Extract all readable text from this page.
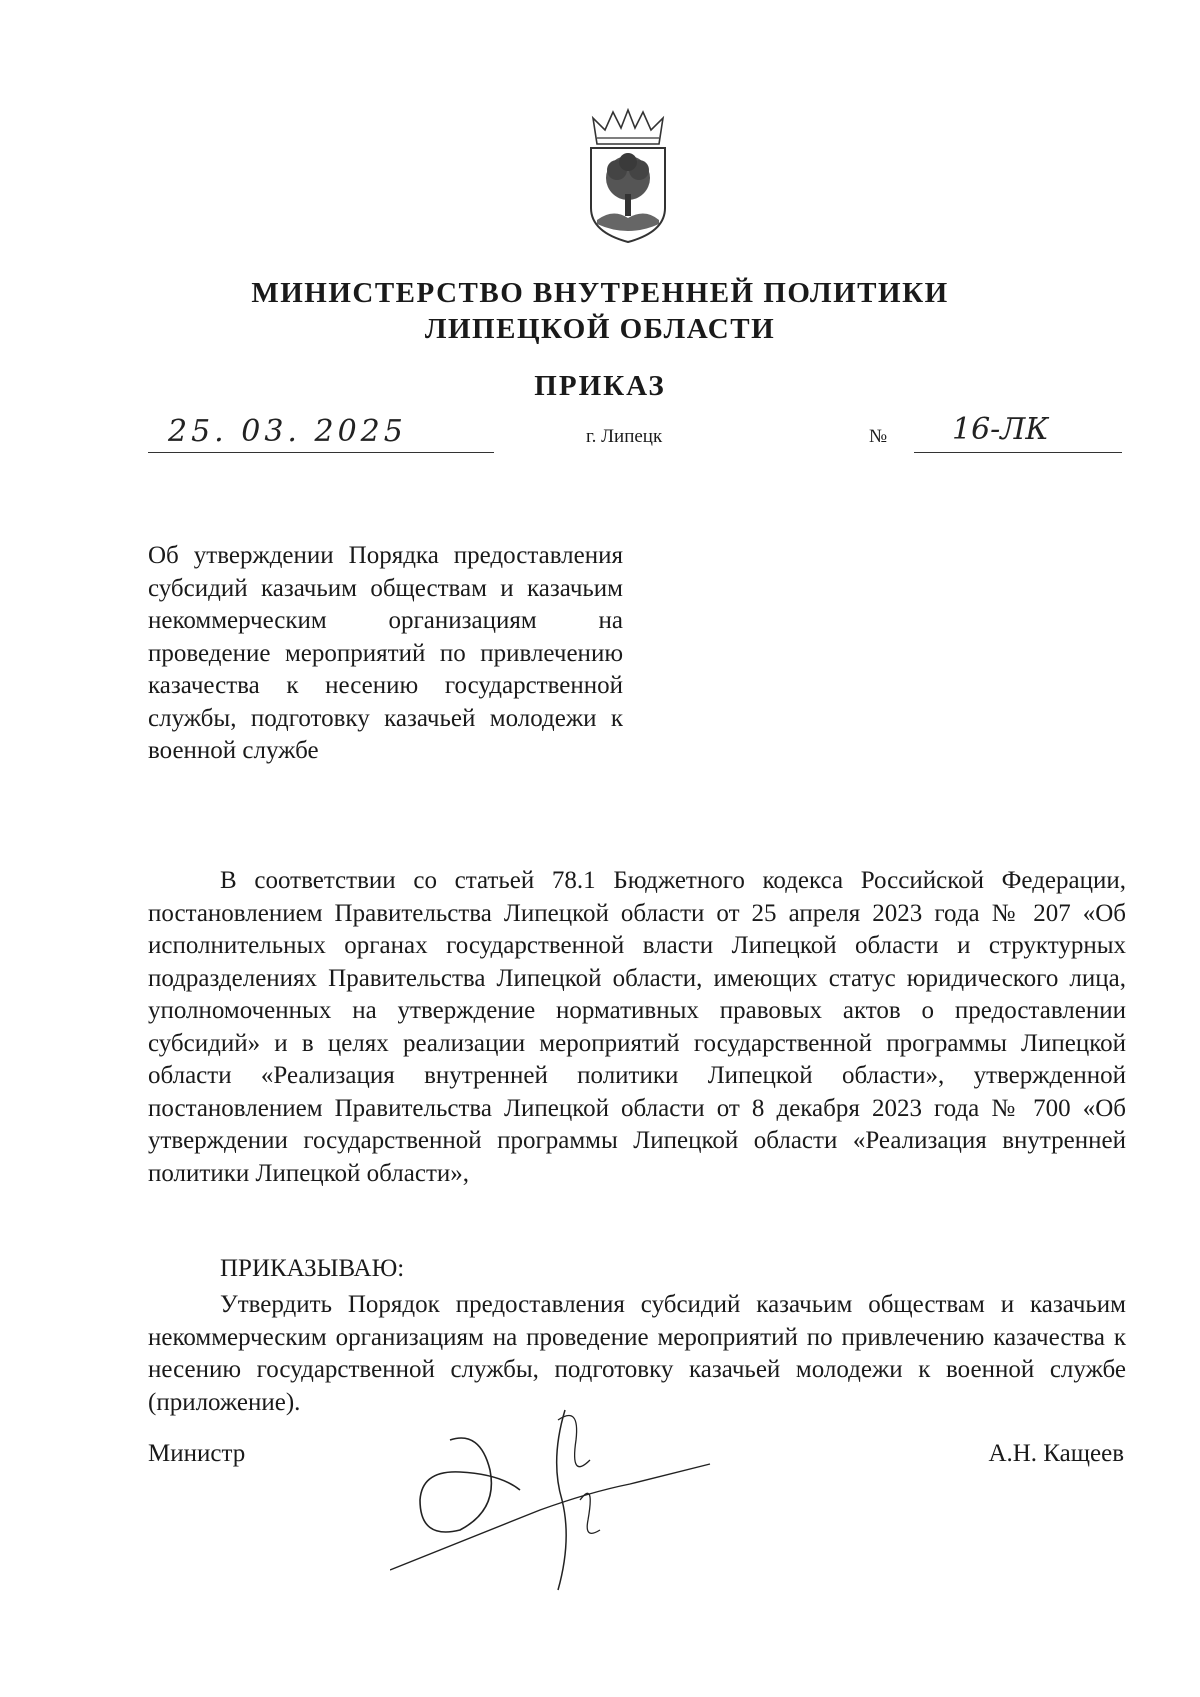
МИНИСТЕРСТВО ВНУТРЕННЕЙ ПОЛИТИКИ
ЛИПЕЦКОЙ ОБЛАСТИ
ПРИКАЗ
25. 03. 2025	г. Липецк	№ 16-ЛК
Об утверждении Порядка предоставления субсидий казачьим обществам и казачьим некоммерческим организациям на проведение мероприятий по привлечению казачества к несению государственной службы, подготовку казачьей молодежи к военной службе
В соответствии со статьей 78.1 Бюджетного кодекса Российской Федерации, постановлением Правительства Липецкой области от 25 апреля 2023 года № 207 «Об исполнительных органах государственной власти Липецкой области и структурных подразделениях Правительства Липецкой области, имеющих статус юридического лица, уполномоченных на утверждение нормативных правовых актов о предоставлении субсидий» и в целях реализации мероприятий государственной программы Липецкой области «Реализация внутренней политики Липецкой области», утвержденной постановлением Правительства Липецкой области от 8 декабря 2023 года № 700 «Об утверждении государственной программы Липецкой области «Реализация внутренней политики Липецкой области»,
ПРИКАЗЫВАЮ:
Утвердить Порядок предоставления субсидий казачьим обществам и казачьим некоммерческим организациям на проведение мероприятий по привлечению казачества к несению государственной службы, подготовку казачьей молодежи к военной службе (приложение).
Министр	А.Н. Кащеев
